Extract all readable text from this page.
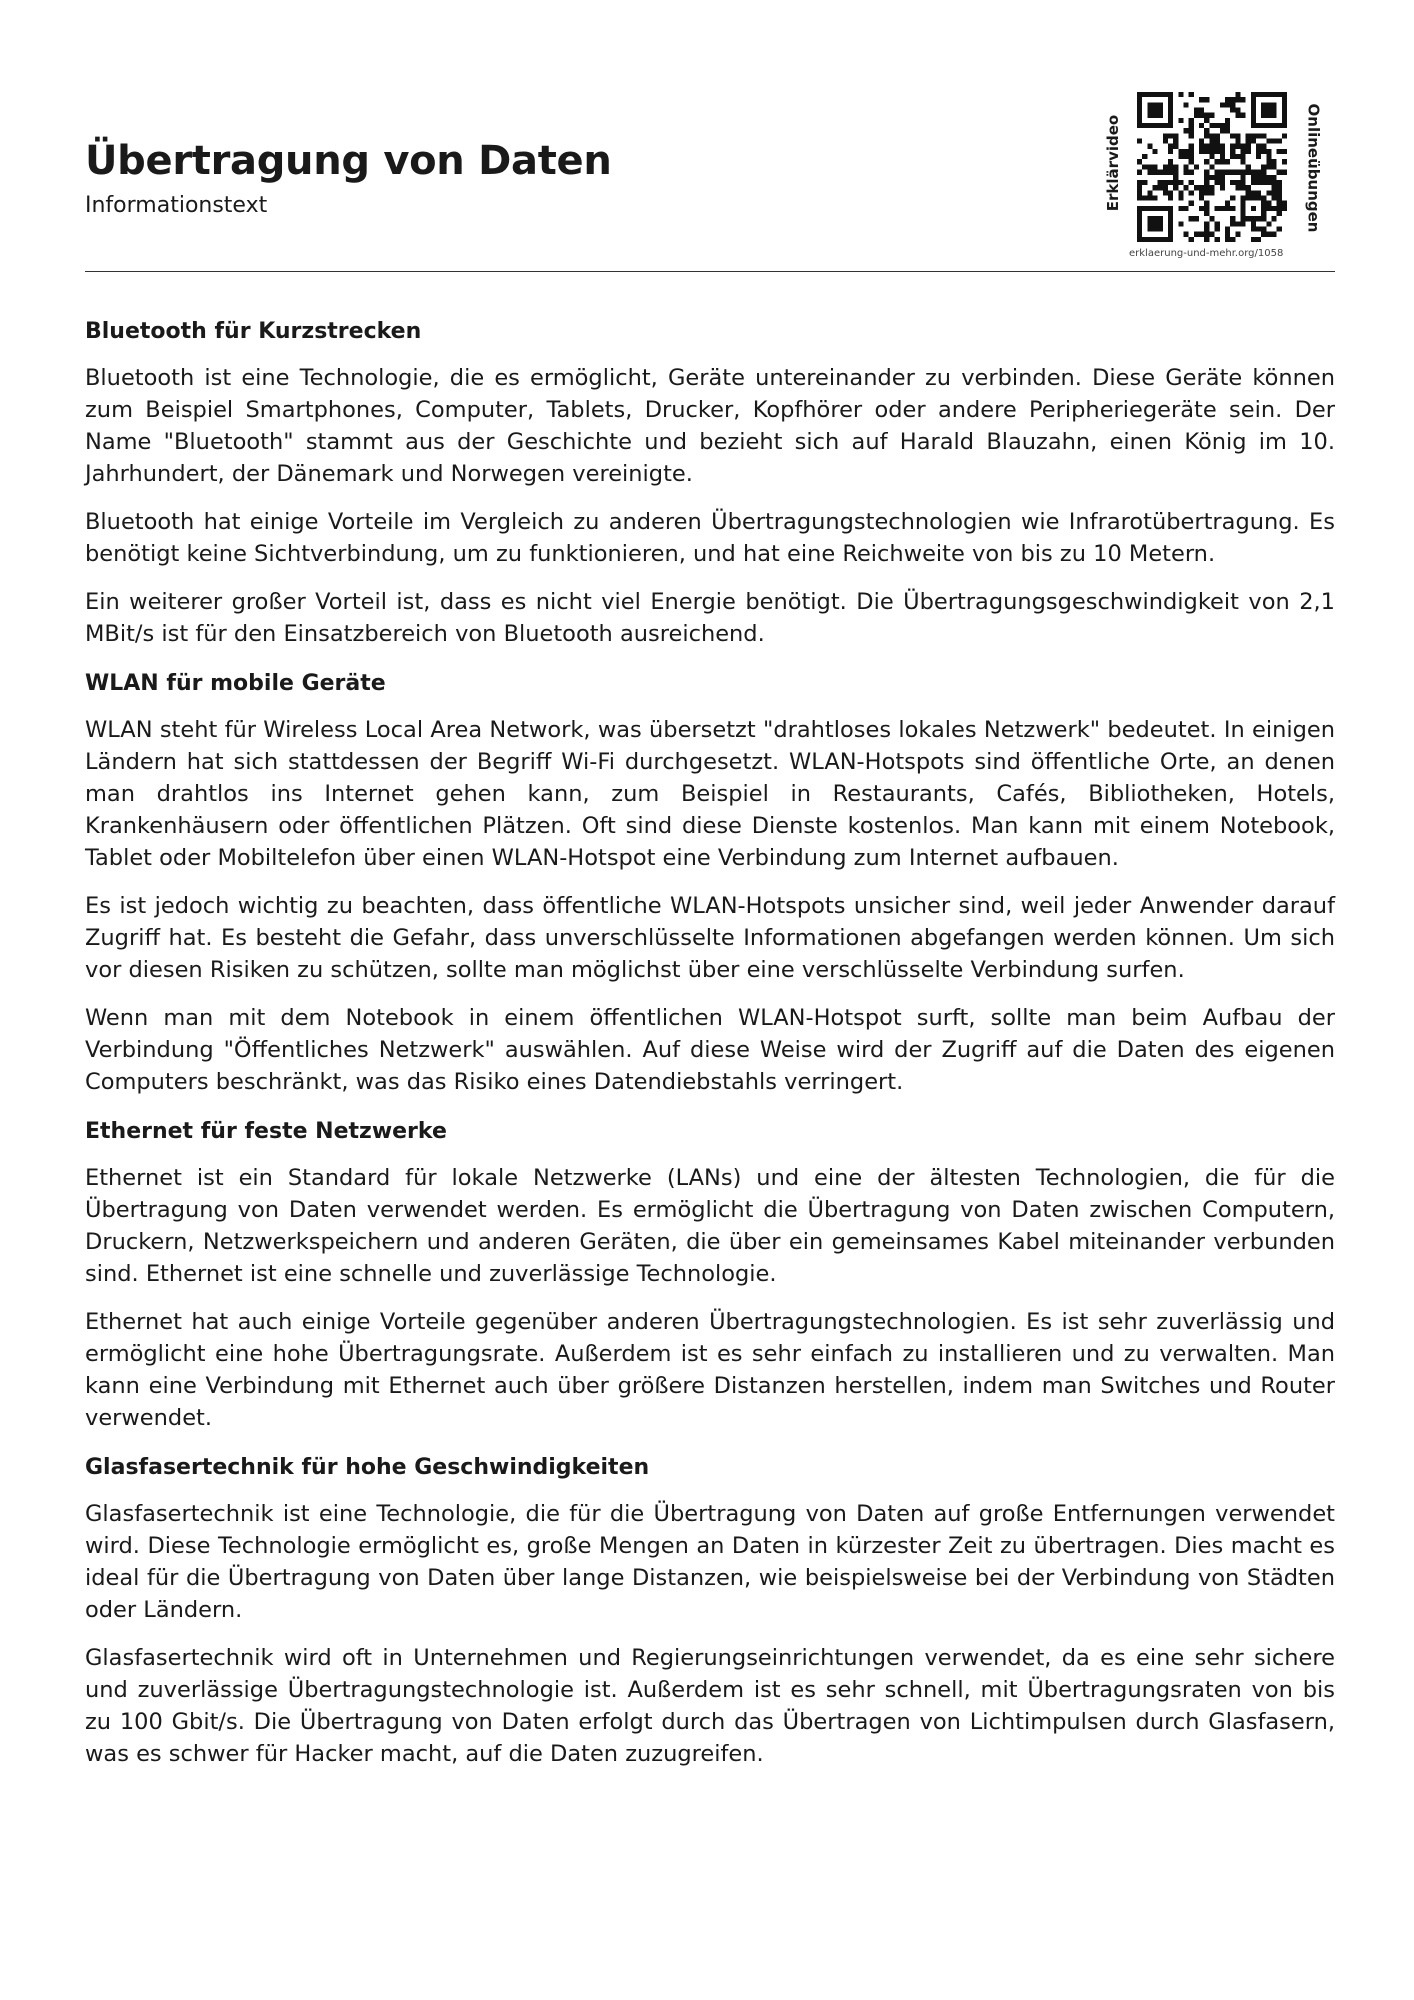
Übertragung von Daten
Informationstext	Erklärvideo	Onlineübungen
erklaerung-und-mehr.org/1058
Bluetooth für Kurzstrecken

Bluetooth ist eine Technologie, die es ermöglicht, Geräte untereinander zu verbinden. Diese Geräte können zum Beispiel Smartphones, Computer, Tablets, Drucker, Kopfhörer oder andere Peripheriegeräte sein. Der Name "Bluetooth" stammt aus der Geschichte und bezieht sich auf Harald Blauzahn, einen König im 10. Jahrhundert, der Dänemark und Norwegen vereinigte.

Bluetooth hat einige Vorteile im Vergleich zu anderen Übertragungstechnologien wie Infrarotübertragung. Es benötigt keine Sichtverbindung, um zu funktionieren, und hat eine Reichweite von bis zu 10 Metern.

Ein weiterer großer Vorteil ist, dass es nicht viel Energie benötigt. Die Übertragungsgeschwindigkeit von 2,1 MBit/s ist für den Einsatzbereich von Bluetooth ausreichend.

WLAN für mobile Geräte

WLAN steht für Wireless Local Area Network, was übersetzt "drahtloses lokales Netzwerk" bedeutet. In einigen Ländern hat sich stattdessen der Begriff Wi-Fi durchgesetzt. WLAN-Hotspots sind öffentliche Orte, an denen man drahtlos ins Internet gehen kann, zum Beispiel in Restaurants, Cafés, Bibliotheken, Hotels, Krankenhäusern oder öffentlichen Plätzen. Oft sind diese Dienste kostenlos. Man kann mit einem Notebook, Tablet oder Mobiltelefon über einen WLAN-Hotspot eine Verbindung zum Internet aufbauen.

Es ist jedoch wichtig zu beachten, dass öffentliche WLAN-Hotspots unsicher sind, weil jeder Anwender darauf Zugriff hat. Es besteht die Gefahr, dass unverschlüsselte Informationen abgefangen werden können. Um sich vor diesen Risiken zu schützen, sollte man möglichst über eine verschlüsselte Verbindung surfen.

Wenn man mit dem Notebook in einem öffentlichen WLAN-Hotspot surft, sollte man beim Aufbau der Verbindung "Öffentliches Netzwerk" auswählen. Auf diese Weise wird der Zugriff auf die Daten des eigenen Computers beschränkt, was das Risiko eines Datendiebstahls verringert.

Ethernet für feste Netzwerke

Ethernet ist ein Standard für lokale Netzwerke (LANs) und eine der ältesten Technologien, die für die Übertragung von Daten verwendet werden. Es ermöglicht die Übertragung von Daten zwischen Computern, Druckern, Netzwerkspeichern und anderen Geräten, die über ein gemeinsames Kabel miteinander verbunden sind. Ethernet ist eine schnelle und zuverlässige Technologie.

Ethernet hat auch einige Vorteile gegenüber anderen Übertragungstechnologien. Es ist sehr zuverlässig und ermöglicht eine hohe Übertragungsrate. Außerdem ist es sehr einfach zu installieren und zu verwalten. Man kann eine Verbindung mit Ethernet auch über größere Distanzen herstellen, indem man Switches und Router verwendet.

Glasfasertechnik für hohe Geschwindigkeiten

Glasfasertechnik ist eine Technologie, die für die Übertragung von Daten auf große Entfernungen verwendet wird. Diese Technologie ermöglicht es, große Mengen an Daten in kürzester Zeit zu übertragen. Dies macht es ideal für die Übertragung von Daten über lange Distanzen, wie beispielsweise bei der Verbindung von Städten oder Ländern.

Glasfasertechnik wird oft in Unternehmen und Regierungseinrichtungen verwendet, da es eine sehr sichere und zuverlässige Übertragungstechnologie ist. Außerdem ist es sehr schnell, mit Übertragungsraten von bis zu 100 Gbit/s. Die Übertragung von Daten erfolgt durch das Übertragen von Lichtimpulsen durch Glasfasern, was es schwer für Hacker macht, auf die Daten zuzugreifen.
